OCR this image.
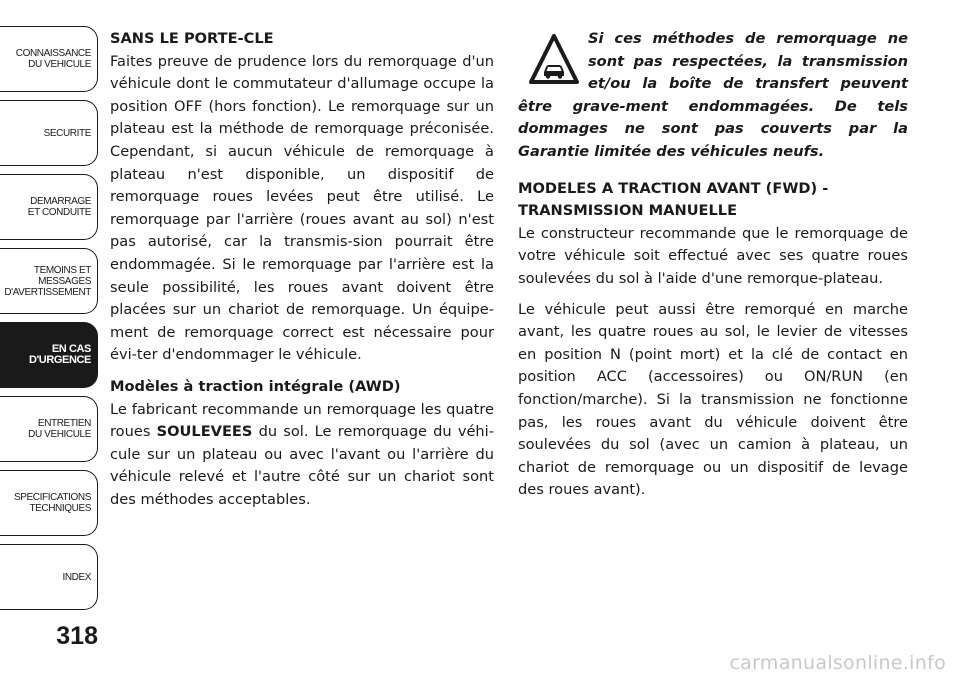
CONNAISSANCE
DU VEHICULE
SECURITE
DEMARRAGE
ET CONDUITE
TEMOINS ET
MESSAGES
D'AVERTISSEMENT
EN CAS
D'URGENCE
ENTRETIEN
DU VEHICULE
SPECIFICATIONS
TECHNIQUES
INDEX
318
SANS LE PORTE-CLE

Faites preuve de prudence lors du remorquage d'un véhicule dont le commutateur d'allumage occupe la position OFF (hors fonction). Le remorquage sur un plateau est la méthode de remorquage préconisée. Cependant, si aucun véhicule de remorquage à plateau n'est disponible, un dispositif de remorquage roues levées peut être utilisé. Le remorquage par l'arrière (roues avant au sol) n'est pas autorisé, car la transmis-sion pourrait être endommagée. Si le remorquage par l'arrière est la seule possibilité, les roues avant doivent être placées sur un chariot de remorquage. Un équipe-ment de remorquage correct est nécessaire pour évi-ter d'endommager le véhicule.

Modèles à traction intégrale (AWD)

Le fabricant recommande un remorquage les quatre roues SOULEVEES du sol. Le remorquage du véhi-cule sur un plateau ou avec l'avant ou l'arrière du véhicule relevé et l'autre côté sur un chariot sont des méthodes acceptables.

Si ces méthodes de remorquage ne sont pas respectées, la transmission et/ou la boîte de transfert peuvent être grave-ment endommagées. De tels dommages ne sont pas couverts par la Garantie limitée des véhicules neufs.

MODELES A TRACTION AVANT (FWD) -
TRANSMISSION MANUELLE

Le constructeur recommande que le remorquage de votre véhicule soit effectué avec ses quatre roues soulevées du sol à l'aide d'une remorque-plateau.

Le véhicule peut aussi être remorqué en marche avant, les quatre roues au sol, le levier de vitesses en position N (point mort) et la clé de contact en position ACC (accessoires) ou ON/RUN (en fonction/marche). Si la transmission ne fonctionne pas, les roues avant du véhicule doivent être soulevées du sol (avec un camion à plateau, un chariot de remorquage ou un dispositif de levage des roues avant).

carmanualsonline.info
